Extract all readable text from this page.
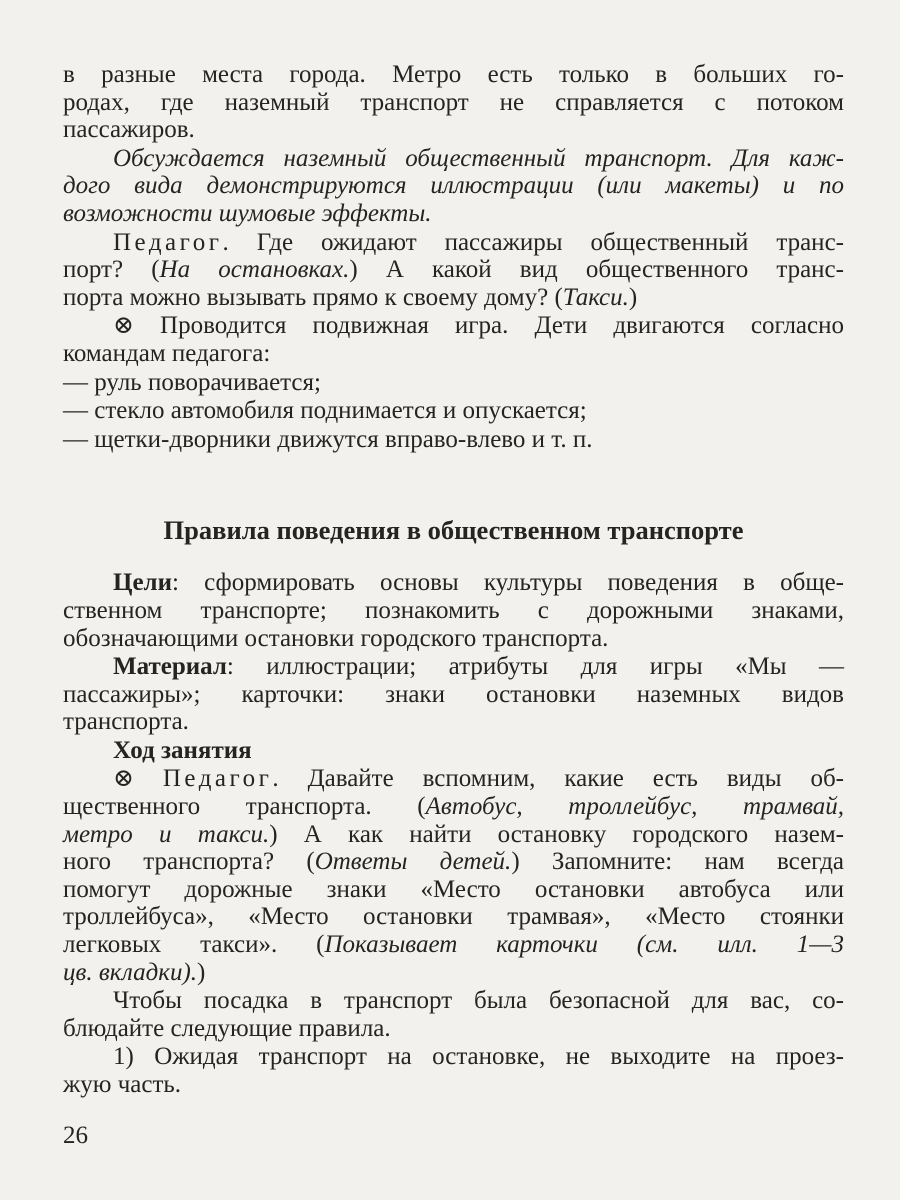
в разные места города. Метро есть только в больших го-
родах, где наземный транспорт не справляется с потоком
пассажиров.
Обсуждается наземный общественный транспорт. Для каж-
дого вида демонстрируются иллюстрации (или макеты) и по
возможности шумовые эффекты.
Педагог. Где ожидают пассажиры общественный транс-
порт? (На остановках.) А какой вид общественного транс-
порта можно вызывать прямо к своему дому? (Такси.)
⊗ Проводится подвижная игра. Дети двигаются согласно
командам педагога:
— руль поворачивается;
— стекло автомобиля поднимается и опускается;
— щетки-дворники движутся вправо-влево и т. п.
Правила поведения в общественном транспорте
Цели: сформировать основы культуры поведения в обще-
ственном транспорте; познакомить с дорожными знаками,
обозначающими остановки городского транспорта.
Материал: иллюстрации; атрибуты для игры «Мы —
пассажиры»; карточки: знаки остановки наземных видов
транспорта.
Ход занятия
⊗ Педагог. Давайте вспомним, какие есть виды об-
щественного транспорта. (Автобус, троллейбус, трамвай,
метро и такси.) А как найти остановку городского назем-
ного транспорта? (Ответы детей.) Запомните: нам всегда
помогут дорожные знаки «Место остановки автобуса или
троллейбуса», «Место остановки трамвая», «Место стоянки
легковых такси». (Показывает карточки (см. илл. 1—3
цв. вкладки).)
Чтобы посадка в транспорт была безопасной для вас, со-
блюдайте следующие правила.
1) Ожидая транспорт на остановке, не выходите на проез-
жую часть.
26
